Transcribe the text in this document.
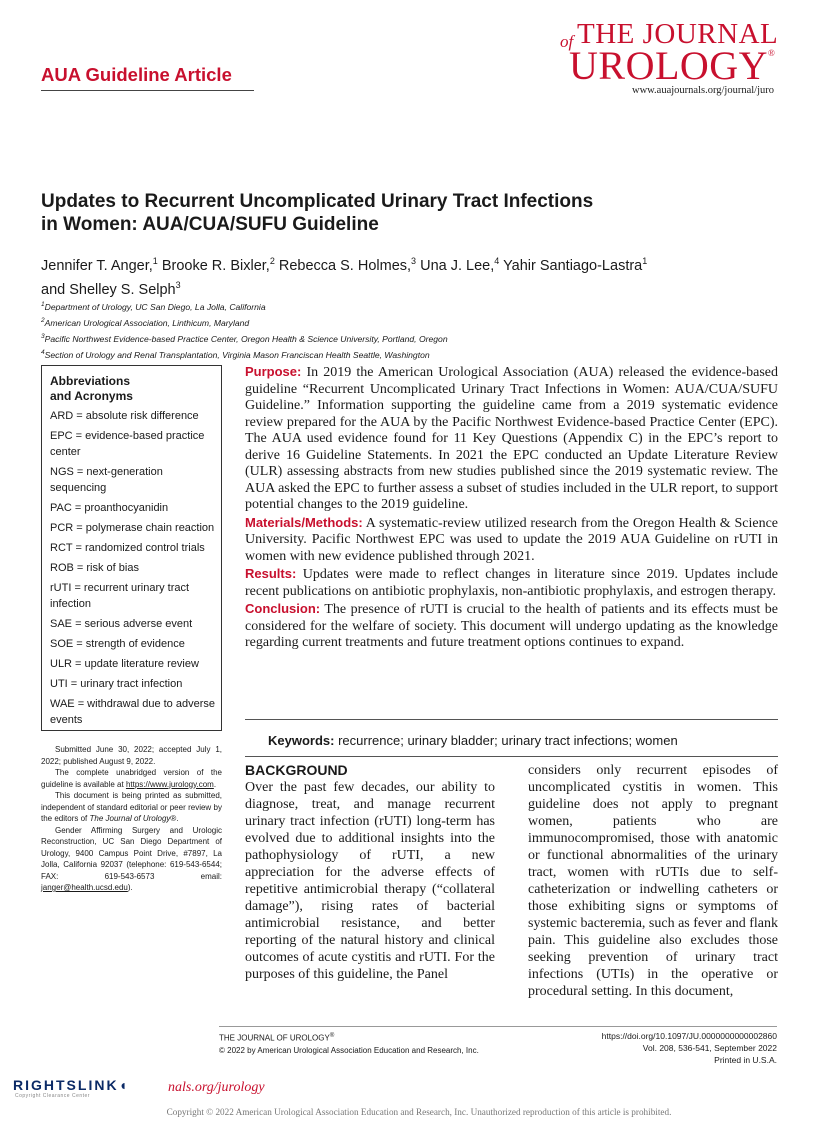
AUA Guideline Article
of THE JOURNAL
UROLOGY®
www.auajournals.org/journal/juro
Updates to Recurrent Uncomplicated Urinary Tract Infections in Women: AUA/CUA/SUFU Guideline
Jennifer T. Anger,$^1$ Brooke R. Bixler,$^2$ Rebecca S. Holmes,$^3$ Una J. Lee,$^4$ Yahir Santiago-Lastra$^1$
and Shelley S. Selph$^3$
$^1$Department of Urology, UC San Diego, La Jolla, California
$^2$American Urological Association, Linthicum, Maryland
$^3$Pacific Northwest Evidence-based Practice Center, Oregon Health & Science University, Portland, Oregon
$^4$Section of Urology and Renal Transplantation, Virginia Mason Franciscan Health Seattle, Washington
Abbreviations and Acronyms
ARD = absolute risk difference
EPC = evidence-based practice center
NGS = next-generation sequencing
PAC = proanthocyanidin
PCR = polymerase chain reaction
RCT = randomized control trials
ROB = risk of bias
rUTI = recurrent urinary tract infection
SAE = serious adverse event
SOE = strength of evidence
ULR = update literature review
UTI = urinary tract infection
WAE = withdrawal due to adverse events

Submitted June 30, 2022; accepted July 1, 2022; published August 9, 2022.

The complete unabridged version of the guideline is available at https://www.jurology.com.

This document is being printed as submitted, independent of standard editorial or peer review by the editors of The Journal of Urology®.

Gender Affirming Surgery and Urologic Reconstruction, UC San Diego Department of Urology, 9400 Campus Point Drive, #7897, La Jolla, California 92037 (telephone: 619-543-6544; FAX: 619-543-6573 email: janger@health.ucsd.edu).

Purpose: In 2019 the American Urological Association (AUA) released the evidence-based guideline “Recurrent Uncomplicated Urinary Tract Infections in Women: AUA/CUA/SUFU Guideline.” Information supporting the guideline came from a 2019 systematic evidence review prepared for the AUA by the Pacific Northwest Evidence-based Practice Center (EPC). The AUA used evidence found for 11 Key Questions (Appendix C) in the EPC’s report to derive 16 Guideline Statements. In 2021 the EPC conducted an Update Literature Review (ULR) assessing abstracts from new studies published since the 2019 systematic review. The AUA asked the EPC to further assess a subset of studies included in the ULR report, to support potential changes to the 2019 guideline.

Materials/Methods: A systematic-review utilized research from the Oregon Health & Science University. Pacific Northwest EPC was used to update the 2019 AUA Guideline on rUTI in women with new evidence published through 2021.

Results: Updates were made to reflect changes in literature since 2019. Updates include recent publications on antibiotic prophylaxis, non-antibiotic prophylaxis, and estrogen therapy.

Conclusion: The presence of rUTI is crucial to the health of patients and its effects must be considered for the welfare of society. This document will undergo updating as the knowledge regarding current treatments and future treatment options continues to expand.

Keywords: recurrence; urinary bladder; urinary tract infections; women
BACKGROUND
Over the past few decades, our ability to diagnose, treat, and manage recurrent urinary tract infection (rUTI) long-term has evolved due to additional insights into the pathophysiology of rUTI, a new appreciation for the adverse effects of repetitive antimicrobial therapy (“collateral damage”), rising rates of bacterial antimicrobial resistance, and better reporting of the natural history and clinical outcomes of acute cystitis and rUTI. For the purposes of this guideline, the Panel
considers only recurrent episodes of uncomplicated cystitis in women. This guideline does not apply to pregnant women, patients who are immunocompromised, those with anatomic or functional abnormalities of the urinary tract, women with rUTIs due to self-catheterization or indwelling catheters or those exhibiting signs or symptoms of systemic bacteremia, such as fever and flank pain. This guideline also excludes those seeking prevention of urinary tract infections (UTIs) in the operative or procedural setting. In this document,
THE JOURNAL OF UROLOGY®
© 2022 by American Urological Association Education and Research, Inc.
https://doi.org/10.1097/JU.0000000000002860
Vol. 208, 536-541, September 2022
Printed in U.S.A.
RIGHTSLINK◖
Copyright Clearance Center
nals.org/jurology
Copyright © 2022 American Urological Association Education and Research, Inc. Unauthorized reproduction of this article is prohibited.
